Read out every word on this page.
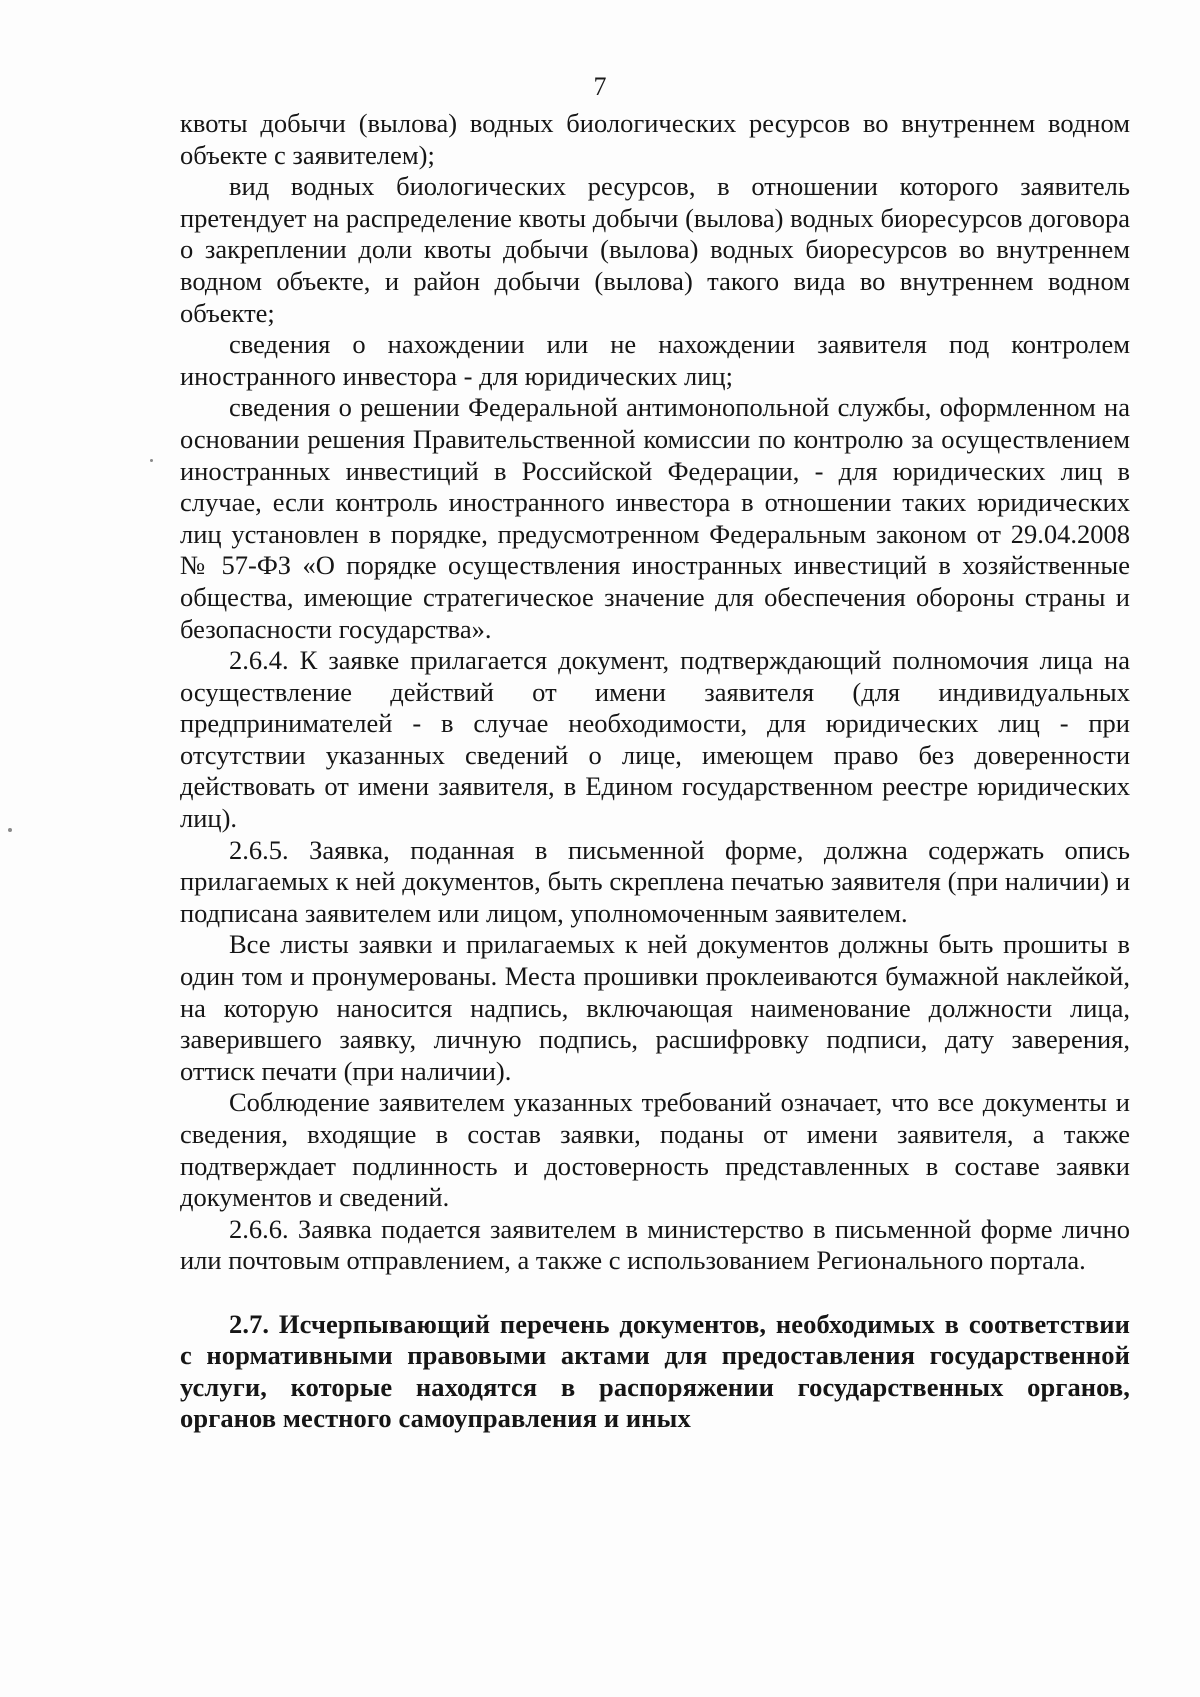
7

квоты добычи (вылова) водных биологических ресурсов во внутреннем водном объекте с заявителем);

вид водных биологических ресурсов, в отношении которого заявитель претендует на распределение квоты добычи (вылова) водных биоресурсов договора о закреплении доли квоты добычи (вылова) водных биоресурсов во внутреннем водном объекте, и район добычи (вылова) такого вида во внутреннем водном объекте;

сведения о нахождении или не нахождении заявителя под контролем иностранного инвестора - для юридических лиц;

сведения о решении Федеральной антимонопольной службы, оформленном на основании решения Правительственной комиссии по контролю за осуществлением иностранных инвестиций в Российской Федерации, - для юридических лиц в случае, если контроль иностранного инвестора в отношении таких юридических лиц установлен в порядке, предусмотренном Федеральным законом от 29.04.2008 № 57-ФЗ «О порядке осуществления иностранных инвестиций в хозяйственные общества, имеющие стратегическое значение для обеспечения обороны страны и безопасности государства».

2.6.4. К заявке прилагается документ, подтверждающий полномочия лица на осуществление действий от имени заявителя (для индивидуальных предпринимателей - в случае необходимости, для юридических лиц - при отсутствии указанных сведений о лице, имеющем право без доверенности действовать от имени заявителя, в Едином государственном реестре юридических лиц).

2.6.5. Заявка, поданная в письменной форме, должна содержать опись прилагаемых к ней документов, быть скреплена печатью заявителя (при наличии) и подписана заявителем или лицом, уполномоченным заявителем.

Все листы заявки и прилагаемых к ней документов должны быть прошиты в один том и пронумерованы. Места прошивки проклеиваются бумажной наклейкой, на которую наносится надпись, включающая наименование должности лица, заверившего заявку, личную подпись, расшифровку подписи, дату заверения, оттиск печати (при наличии).

Соблюдение заявителем указанных требований означает, что все документы и сведения, входящие в состав заявки, поданы от имени заявителя, а также подтверждает подлинность и достоверность представленных в составе заявки документов и сведений.

2.6.6. Заявка подается заявителем в министерство в письменной форме лично или почтовым отправлением, а также с использованием Регионального портала.

2.7. Исчерпывающий перечень документов, необходимых в соответствии с нормативными правовыми актами для предоставления государственной услуги, которые находятся в распоряжении государственных органов, органов местного самоуправления и иных
